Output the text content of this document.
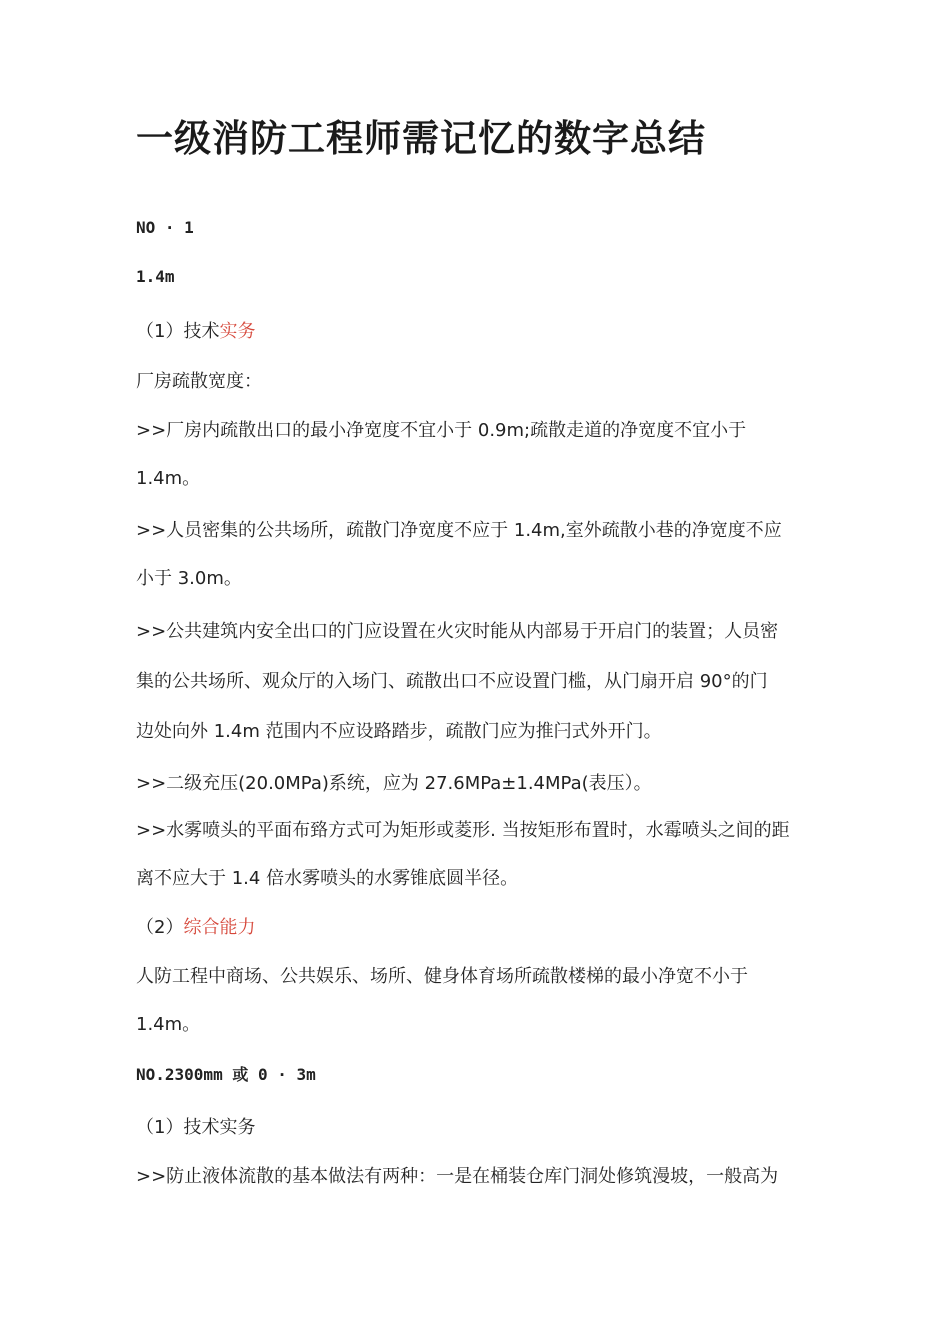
一级消防工程师需记忆的数字总结
NO · 1
1.4m
（1）技术实务
厂房疏散宽度：
>>厂房内疏散出口的最小净宽度不宜小于 0.9m;疏散走道的净宽度不宜小于
1.4m。
>>人员密集的公共场所，疏散门净宽度不应于 1.4m,室外疏散小巷的净宽度不应
小于 3.0m。
>>公共建筑内安全出口的门应设置在火灾时能从内部易于开启门的装置；人员密
集的公共场所、观众厅的入场门、疏散出口不应设置门槛，从门扇开启 90°的门
边处向外 1.4m 范围内不应设路踏步，疏散门应为推闩式外开门。
>>二级充压(20.0MPa)系统，应为 27.6MPa±1.4MPa(表压）。
>>水雾喷头的平面布臵方式可为矩形或菱形. 当按矩形布置时，水霉喷头之间的距
离不应大于 1.4 倍水雾喷头的水雾锥底圆半径。
（2）综合能力
人防工程中商场、公共娱乐、场所、健身体育场所疏散楼梯的最小净宽不小于
1.4m。
NO.2300mm 或 0 · 3m
（1）技术实务
>>防止液体流散的基本做法有两种：一是在桶装仓库门洞处修筑漫坡，一般高为
